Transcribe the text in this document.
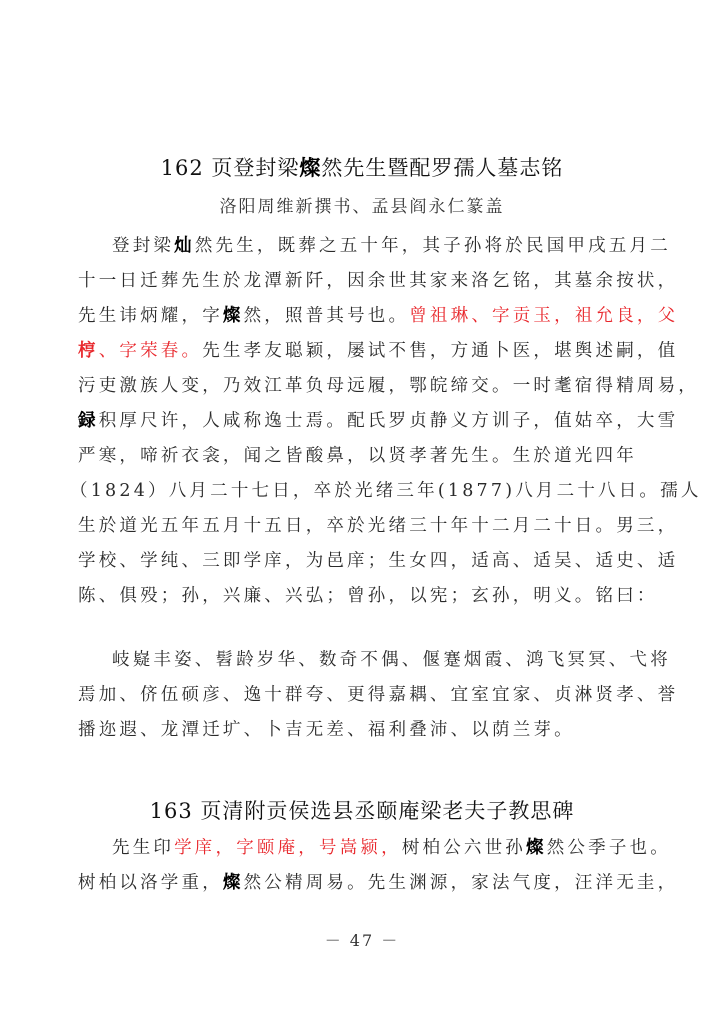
162 页登封梁燦然先生暨配罗孺人墓志铭
洛阳周维新撰书、孟县阎永仁篆盖
登封梁灿然先生，既葬之五十年，其子孙将於民国甲戌五月二
十一日迁葬先生於龙潭新阡，因余世其家来洛乞铭，其墓余按状，
先生讳炳耀，字燦然，照普其号也。曾祖琳、字贡玉，祖允良，父
梈、字荣春。先生孝友聪颖，屡试不售，方通卜医，堪舆述嗣，值
污吏激族人变，乃效江革负母远履，鄂皖缔交。一时耄宿得精周易，
録积厚尺许，人咸称逸士焉。配氏罗贞静义方训子，值姑卒，大雪
严寒，啼祈衣衾，闻之皆酸鼻，以贤孝著先生。生於道光四年
（1824）八月二十七日，卒於光绪三年(1877)八月二十八日。孺人
生於道光五年五月十五日，卒於光绪三十年十二月二十日。男三，
学校、学纯、三即学庠，为邑庠；生女四，适高、适吴、适史、适
陈、俱殁；孙，兴廉、兴弘；曾孙，以宪；玄孙，明义。铭曰：
岐嶷丰姿、髫龄岁华、数奇不偶、偃蹇烟霞、鸿飞冥冥、弋将
焉加、侪伍硕彦、逸十群夸、更得嘉耦、宜室宜家、贞淋贤孝、誉
播迩遐、龙潭迁圹、卜吉无差、福利叠沛、以荫兰芽。
163 页清附贡侯选县丞颐庵梁老夫子教思碑
先生印学庠，字颐庵，号嵩颍，树柏公六世孙燦然公季子也。
树柏以洛学重，燦然公精周易。先生渊源，家法气度，汪洋无圭，
－ 47 －
